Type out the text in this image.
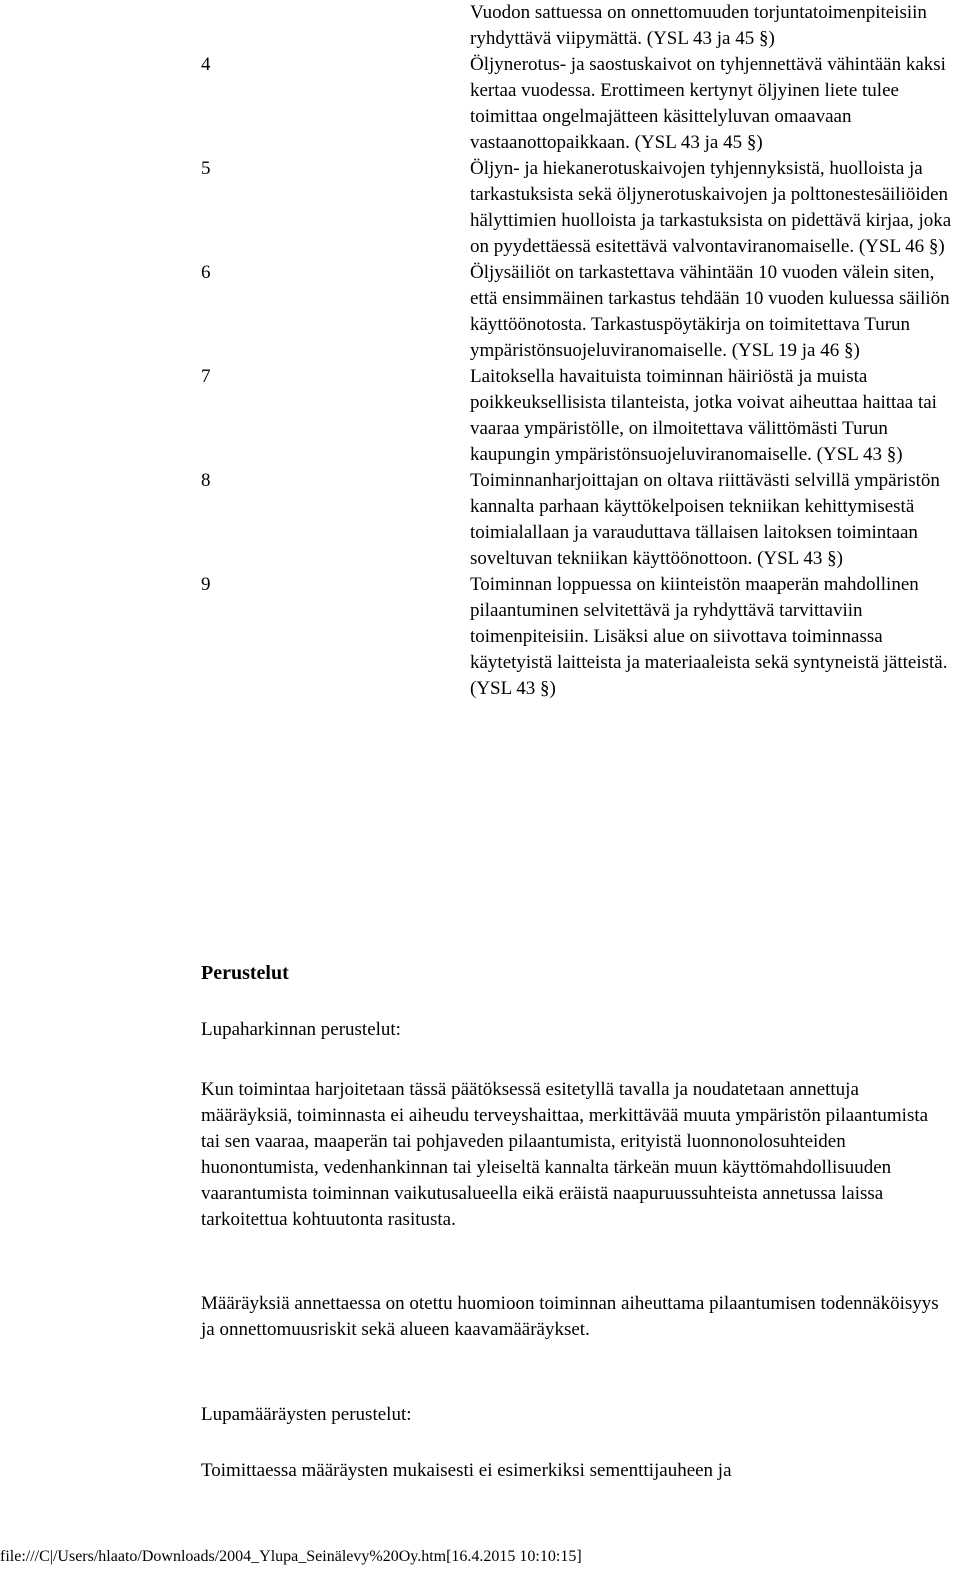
Vuodon sattuessa on onnettomuuden torjuntatoimenpiteisiin ryhdyttävä viipymättä. (YSL 43 ja 45 §)
4	Öljynerotus- ja saostuskaivot on tyhjennettävä vähintään kaksi kertaa vuodessa. Erottimeen kertynyt öljyinen liete tulee toimittaa ongelmajätteen käsittelyluvan omaavaan vastaanottopaikkaan. (YSL 43 ja 45 §)
5	Öljyn- ja hiekanerotuskaivojen tyhjennyksistä, huolloista ja tarkastuksista sekä öljynerotuskaivojen ja polttonestesäiliöiden hälyttimien huolloista ja tarkastuksista on pidettävä kirjaa, joka on pyydettäessä esitettävä valvontaviranomaiselle. (YSL 46 §)
6	Öljysäiliöt on tarkastettava vähintään 10 vuoden välein siten, että ensimmäinen tarkastus tehdään 10 vuoden kuluessa säiliön käyttöönotosta. Tarkastuspöytäkirja on toimitettava Turun ympäristönsuojeluviranomaiselle. (YSL 19 ja 46 §)
7	Laitoksella havaituista toiminnan häiriöstä ja muista poikkeuksellisista tilanteista, jotka voivat aiheuttaa haittaa tai vaaraa ympäristölle, on ilmoitettava välittömästi Turun kaupungin ympäristönsuojeluviranomaiselle. (YSL 43 §)
8	Toiminnanharjoittajan on oltava riittävästi selvillä ympäristön kannalta parhaan käyttökelpoisen tekniikan kehittymisestä toimialallaan ja varauduttava tällaisen laitoksen toimintaan soveltuvan tekniikan käyttöönottoon. (YSL 43 §)
9	Toiminnan loppuessa on kiinteistön maaperän mahdollinen pilaantuminen selvitettävä ja ryhdyttävä tarvittaviin toimenpiteisiin. Lisäksi alue on siivottava toiminnassa käytetyistä laitteista ja materiaaleista sekä syntyneistä jätteistä. (YSL 43 §)
Perustelut
Lupaharkinnan perustelut:
Kun toimintaa harjoitetaan tässä päätöksessä esitetyllä tavalla ja noudatetaan annettuja määräyksiä, toiminnasta ei aiheudu terveyshaittaa, merkittävää muuta ympäristön pilaantumista tai sen vaaraa, maaperän tai pohjaveden pilaantumista, erityistä luonnonolosuhteiden huonontumista, vedenhankinnan tai yleiseltä kannalta tärkeän muun käyttömahdollisuuden vaarantumista toiminnan vaikutusalueella eikä eräistä naapuruussuhteista annetussa laissa tarkoitettua kohtuutonta rasitusta.
Määräyksiä annettaessa on otettu huomioon toiminnan aiheuttama pilaantumisen todennäköisyys ja onnettomuusriskit sekä alueen kaavamääräykset.
Lupamääräysten perustelut:
Toimittaessa määräysten mukaisesti ei esimerkiksi sementtijauheen ja
file:///C|/Users/hlaato/Downloads/2004_Ylupa_Seinälevy%20Oy.htm[16.4.2015 10:10:15]
